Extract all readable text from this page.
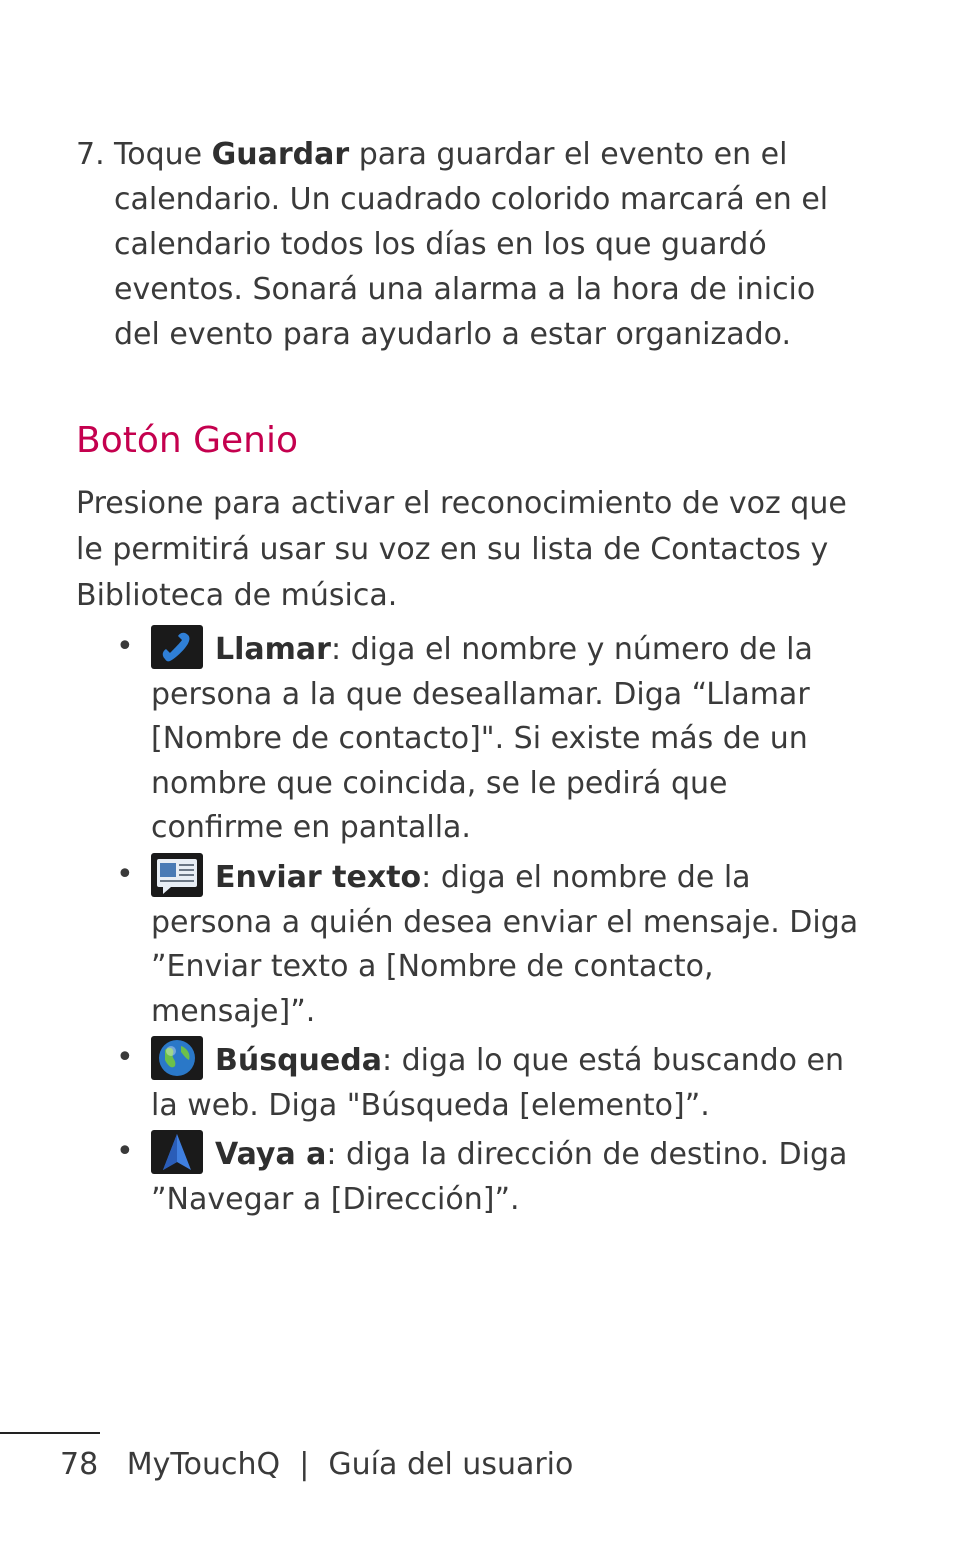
7. Toque Guardar para guardar el evento en el calendario. Un cuadrado colorido marcará en el calendario todos los días en los que guardó eventos. Sonará una alarma a la hora de inicio del evento para ayudarlo a estar organizado.
Botón Genio

Presione para activar el reconocimiento de voz que le permitirá usar su voz en su lista de Contactos y Biblioteca de música.

•	Llamar: diga el nombre y número de la persona a la que deseallamar. Diga “Llamar [Nombre de contacto]". Si existe más de un nombre que coincida, se le pedirá que confirme en pantalla.
•	Enviar texto: diga el nombre de la persona a quién desea enviar el mensaje. Diga ”Enviar texto a [Nombre de contacto, mensaje]”.
•	Búsqueda: diga lo que está buscando en la web. Diga "Búsqueda [elemento]”.
•	Vaya a: diga la dirección de destino. Diga ”Navegar a [Dirección]”.
78 MyTouchQ | Guía del usuario
